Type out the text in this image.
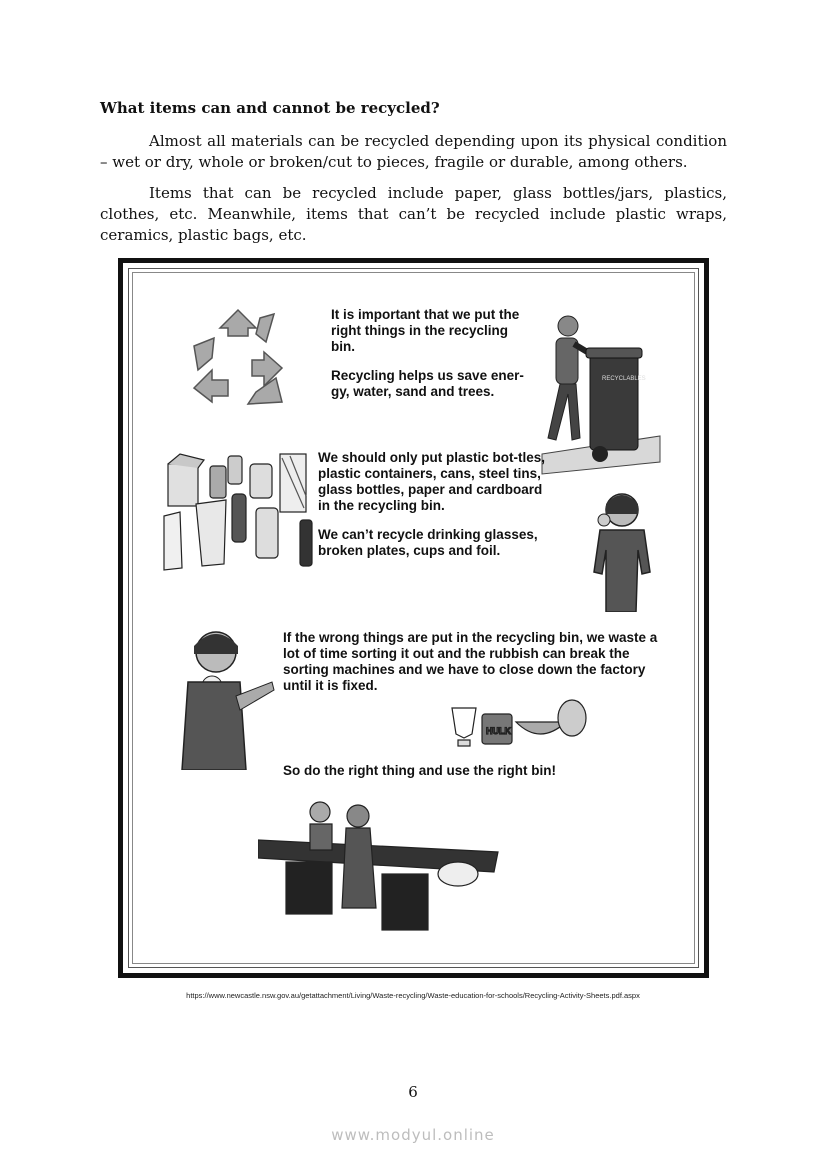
What items can and cannot be recycled?

Almost all materials can be recycled depending upon its physical condition – wet or dry, whole or broken/cut to pieces, fragile or durable, among others.

Items that can be recycled include paper, glass bottles/jars, plastics, clothes, etc. Meanwhile, items that can’t be recycled include plastic wraps, ceramics, plastic bags, etc.

It is important that we put the right things in the recycling bin.
Recycling helps us save ener-gy, water, sand and trees.
RECYCLABLES
We should only put plastic bot-tles, plastic containers, cans, steel tins, glass bottles, paper and cardboard in the recycling bin.
We can’t recycle drinking glasses, broken plates, cups and foil.
If the wrong things are put in the recycling bin, we waste a lot of time sorting it out and the rubbish can break the sorting machines and we have to close down the factory until it is fixed.
HULK
So do the right thing and use the right bin!
https://www.newcastle.nsw.gov.au/getattachment/Living/Waste-recycling/Waste-education-for-schools/Recycling-Activity-Sheets.pdf.aspx
6
www.modyul.online
